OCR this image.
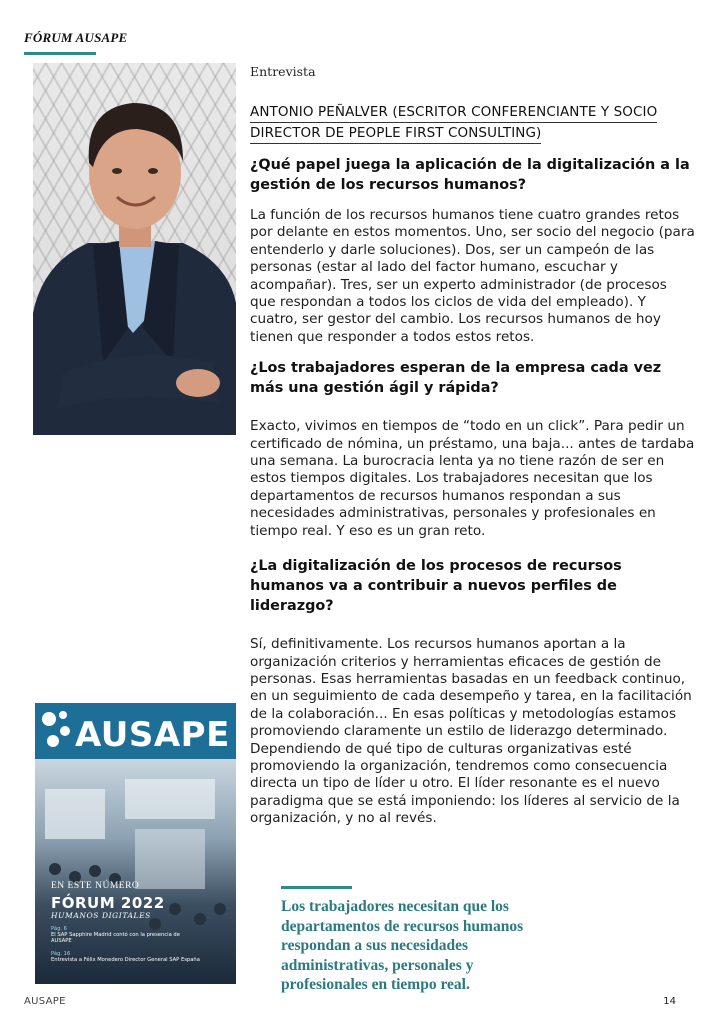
FÓRUM AUSAPE
Entrevista
ANTONIO PEÑALVER (ESCRITOR CONFERENCIANTE Y SOCIO DIRECTOR DE PEOPLE FIRST CONSULTING)
¿Qué papel juega la aplicación de la digitalización a la gestión de los recursos humanos?
La función de los recursos humanos tiene cuatro grandes retos por delante en estos momentos. Uno, ser socio del negocio (para entenderlo y darle soluciones). Dos, ser un campeón de las personas (estar al lado del factor humano, escuchar y acompañar). Tres, ser un experto administrador (de procesos que respondan a todos los ciclos de vida del empleado). Y cuatro, ser gestor del cambio. Los recursos humanos de hoy tienen que responder a todos estos retos.
¿Los trabajadores esperan de la empresa cada vez más una gestión ágil y rápida?
Exacto, vivimos en tiempos de “todo en un click”. Para pedir un certificado de nómina, un préstamo, una baja... antes de tardaba una semana. La burocracia lenta ya no tiene razón de ser en estos tiempos digitales. Los trabajadores necesitan que los departamentos de recursos humanos respondan a sus necesidades administrativas, personales y profesionales en tiempo real. Y eso es un gran reto.
¿La digitalización de los procesos de recursos humanos va a contribuir a nuevos perfiles de liderazgo?
Sí, definitivamente. Los recursos humanos aportan a la organización criterios y herramientas eficaces de gestión de personas. Esas herramientas basadas en un feedback continuo, en un seguimiento de cada desempeño y tarea, en la facilitación de la colaboración... En esas políticas y metodologías estamos promoviendo claramente un estilo de liderazgo determinado. Dependiendo de qué tipo de culturas organizativas esté promoviendo la organización, tendremos como consecuencia directa un tipo de líder u otro. El líder resonante es el nuevo paradigma que se está imponiendo: los líderes al servicio de la organización, y no al revés.
AUSAPE
EN ESTE NÚMERO
FÓRUM 2022
HUMANOS DIGITALES
Pág. 6
El SAP Sapphire Madrid contó con la presencia de AUSAPE
Pág. 16
Entrevista a Félix Monedero Director General SAP España
Los trabajadores necesitan que los departamentos de recursos humanos respondan a sus necesidades administrativas, personales y profesionales en tiempo real.
AUSAPE	14
